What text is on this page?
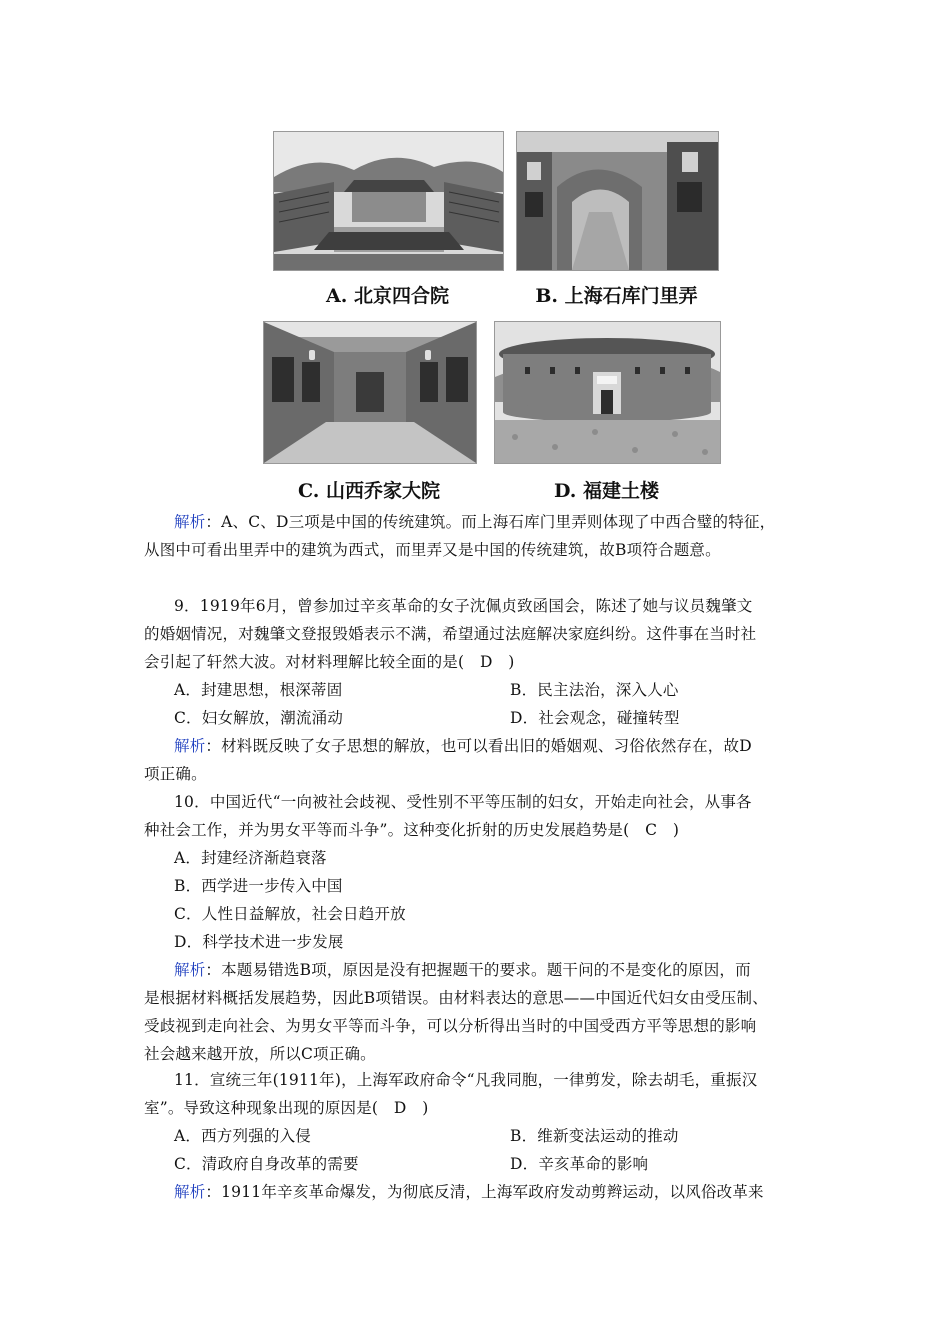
A. 北京四合院	B. 上海石库门里弄
C. 山西乔家大院	D. 福建土楼
解析：A、C、D三项是中国的传统建筑。而上海石库门里弄则体现了中西合璧的特征，
从图中可看出里弄中的建筑为西式，而里弄又是中国的传统建筑，故B项符合题意。
9．1919年6月，曾参加过辛亥革命的女子沈佩贞致函国会，陈述了她与议员魏肇文
的婚姻情况，对魏肇文登报毁婚表示不满，希望通过法庭解决家庭纠纷。这件事在当时社
会引起了轩然大波。对材料理解比较全面的是(　D　)
A．封建思想，根深蒂固	B．民主法治，深入人心
C．妇女解放，潮流涌动	D．社会观念，碰撞转型
解析：材料既反映了女子思想的解放，也可以看出旧的婚姻观、习俗依然存在，故D
项正确。
10．中国近代“一向被社会歧视、受性别不平等压制的妇女，开始走向社会，从事各
种社会工作，并为男女平等而斗争”。这种变化折射的历史发展趋势是(　C　)
A．封建经济渐趋衰落
B．西学进一步传入中国
C．人性日益解放，社会日趋开放
D．科学技术进一步发展
解析：本题易错选B项，原因是没有把握题干的要求。题干问的不是变化的原因，而
是根据材料概括发展趋势，因此B项错误。由材料表达的意思——中国近代妇女由受压制、
受歧视到走向社会、为男女平等而斗争，可以分析得出当时的中国受西方平等思想的影响
社会越来越开放，所以C项正确。
11．宣统三年(1911年)，上海军政府命令“凡我同胞，一律剪发，除去胡毛，重振汉
室”。导致这种现象出现的原因是(　D　)
A．西方列强的入侵	B．维新变法运动的推动
C．清政府自身改革的需要	D．辛亥革命的影响
解析：1911年辛亥革命爆发，为彻底反清，上海军政府发动剪辫运动，以风俗改革来
